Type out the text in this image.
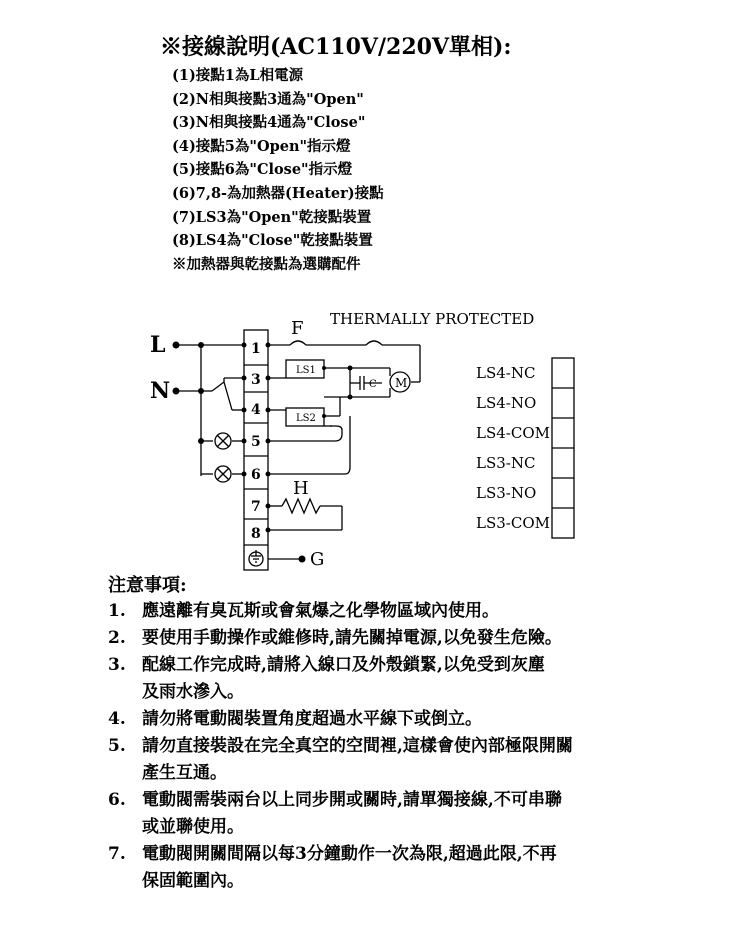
※接線說明(AC110V/220V單相):
(1)接點1為L相電源
(2)N相與接點3通為"Open"
(3)N相與接點4通為"Close"
(4)接點5為"Open"指示燈
(5)接點6為"Close"指示燈
(6)7,8-為加熱器(Heater)接點
(7)LS3為"Open"乾接點裝置
(8)LS4為"Close"乾接點裝置
※加熱器與乾接點為選購配件
L
N
THERMALLY PROTECTED
F
H
G
C M
LS1
LS2
1
3
4
5
6
7
8
LS4-NC
LS4-NO
LS4-COM
LS3-NC
LS3-NO
LS3-COM
注意事項:
1. 應遠離有臭瓦斯或會氣爆之化學物區域內使用。
2. 要使用手動操作或維修時,請先關掉電源,以免發生危險。
3. 配線工作完成時,請將入線口及外殼鎖緊,以免受到灰塵
及雨水滲入。
4. 請勿將電動閥裝置角度超過水平線下或倒立。
5. 請勿直接裝設在完全真空的空間裡,這樣會使內部極限開關
產生互通。
6. 電動閥需裝兩台以上同步開或關時,請單獨接線,不可串聯
或並聯使用。
7. 電動閥開關間隔以每3分鐘動作一次為限,超過此限,不再
保固範圍內。
